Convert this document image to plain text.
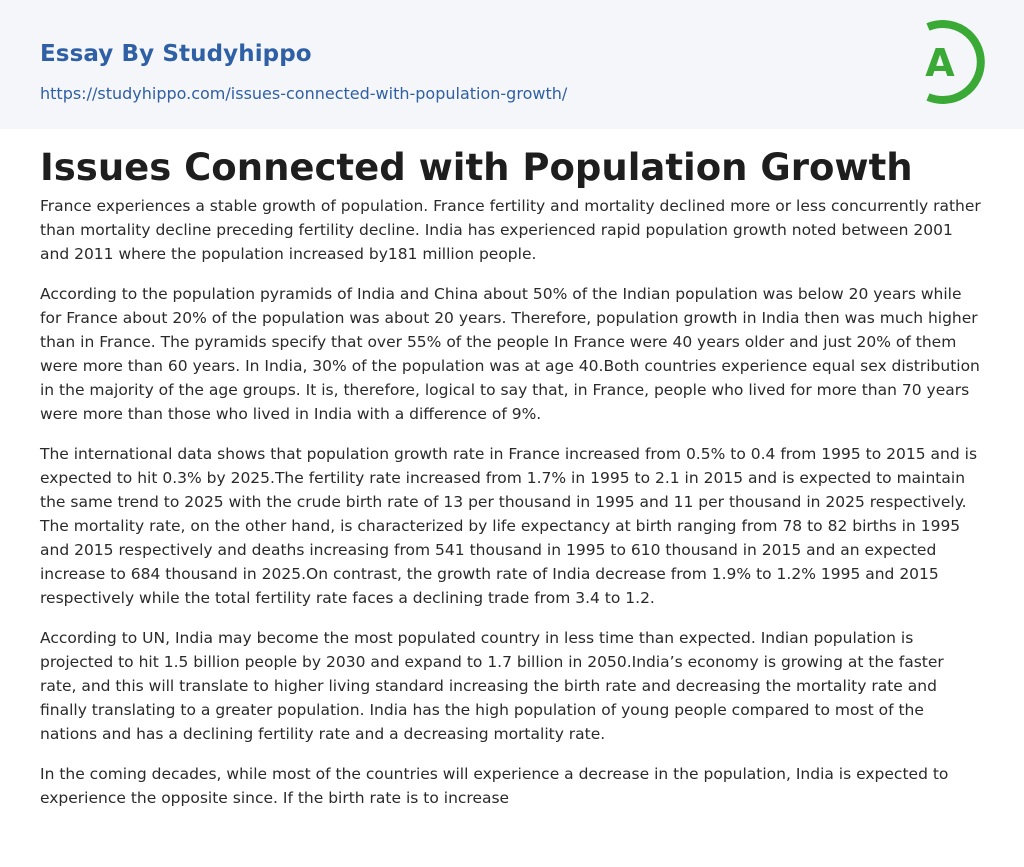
Essay By Studyhippo
https://studyhippo.com/issues-connected-with-population-growth/
A
Issues Connected with Population Growth

France experiences a stable growth of population. France fertility and mortality declined more or less concurrently rather than mortality decline preceding fertility decline. India has experienced rapid population growth noted between 2001 and 2011 where the population increased by181 million people.

According to the population pyramids of India and China about 50% of the Indian population was below 20 years while for France about 20% of the population was about 20 years. Therefore, population growth in India then was much higher than in France. The pyramids specify that over 55% of the people In France were 40 years older and just 20% of them were more than 60 years. In India, 30% of the population was at age 40.Both countries experience equal sex distribution in the majority of the age groups. It is, therefore, logical to say that, in France, people who lived for more than 70 years were more than those who lived in India with a difference of 9%.

The international data shows that population growth rate in France increased from 0.5% to 0.4 from 1995 to 2015 and is expected to hit 0.3% by 2025.The fertility rate increased from 1.7% in 1995 to 2.1 in 2015 and is expected to maintain the same trend to 2025 with the crude birth rate of 13 per thousand in 1995 and 11 per thousand in 2025 respectively. The mortality rate, on the other hand, is characterized by life expectancy at birth ranging from 78 to 82 births in 1995 and 2015 respectively and deaths increasing from 541 thousand in 1995 to 610 thousand in 2015 and an expected increase to 684 thousand in 2025.On contrast, the growth rate of India decrease from 1.9% to 1.2% 1995 and 2015 respectively while the total fertility rate faces a declining trade from 3.4 to 1.2.

According to UN, India may become the most populated country in less time than expected. Indian population is projected to hit 1.5 billion people by 2030 and expand to 1.7 billion in 2050.India’s economy is growing at the faster rate, and this will translate to higher living standard increasing the birth rate and decreasing the mortality rate and finally translating to a greater population. India has the high population of young people compared to most of the nations and has a declining fertility rate and a decreasing mortality rate.

In the coming decades, while most of the countries will experience a decrease in the population, India is expected to experience the opposite since. If the birth rate is to increase
